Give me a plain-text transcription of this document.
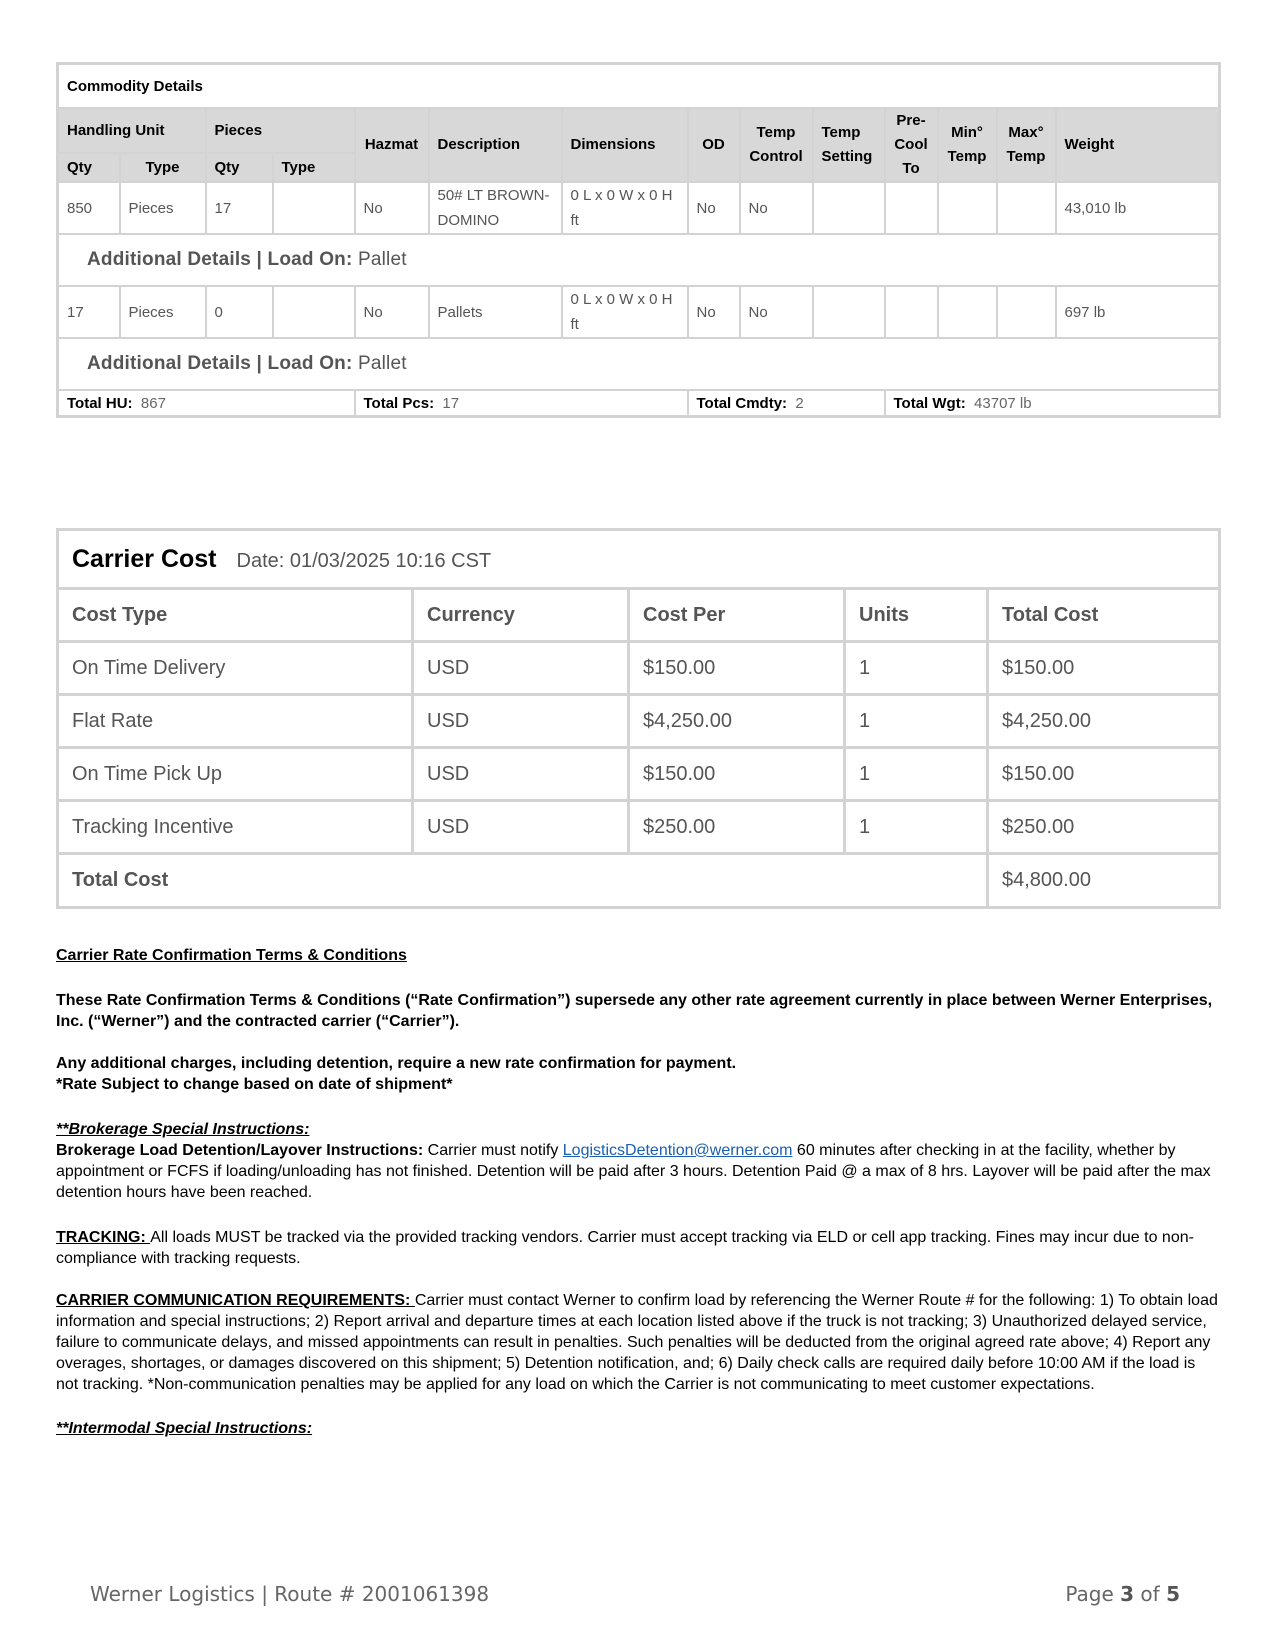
Commodity Details													
Handling Unit		Pieces		Hazmat	Description	Dimensions	OD	Temp Control	Temp Setting	Pre-Cool To	Min° Temp	Max° Temp	Weight
Qty	Type	Qty	Type										
850	Pieces	17		No	50# LT BROWN-DOMINO	0 L x 0 W x 0 H ft	No	No					43,010 lb
Additional Details | Load On: Pallet													
17	Pieces	0		No	Pallets	0 L x 0 W x 0 H ft	No	No					697 lb
Additional Details | Load On: Pallet													
Total HU: 867				Total Pcs: 17			Total Cmdty: 2			Total Wgt: 43707 lb			
Carrier Cost Date: 01/03/2025 10:16 CST				
Cost Type	Currency	Cost Per	Units	Total Cost
On Time Delivery	USD	$150.00	1	$150.00
Flat Rate	USD	$4,250.00	1	$4,250.00
On Time Pick Up	USD	$150.00	1	$150.00
Tracking Incentive	USD	$250.00	1	$250.00
Total Cost				$4,800.00

Carrier Rate Confirmation Terms & Conditions

These Rate Confirmation Terms & Conditions (“Rate Confirmation”) supersede any other rate agreement currently in place between Werner Enterprises, Inc. (“Werner”) and the contracted carrier (“Carrier”).

Any additional charges, including detention, require a new rate confirmation for payment.

*Rate Subject to change based on date of shipment*

**Brokerage Special Instructions:

Brokerage Load Detention/Layover Instructions: Carrier must notify LogisticsDetention@werner.com 60 minutes after checking in at the facility, whether by appointment or FCFS if loading/unloading has not finished. Detention will be paid after 3 hours. Detention Paid @ a max of 8 hrs. Layover will be paid after the max detention hours have been reached.

TRACKING: All loads MUST be tracked via the provided tracking vendors. Carrier must accept tracking via ELD or cell app tracking. Fines may incur due to non-compliance with tracking requests.

CARRIER COMMUNICATION REQUIREMENTS: Carrier must contact Werner to confirm load by referencing the Werner Route # for the following: 1) To obtain load information and special instructions; 2) Report arrival and departure times at each location listed above if the truck is not tracking; 3) Unauthorized delayed service, failure to communicate delays, and missed appointments can result in penalties. Such penalties will be deducted from the original agreed rate above; 4) Report any overages, shortages, or damages discovered on this shipment; 5) Detention notification, and; 6) Daily check calls are required daily before 10:00 AM if the load is not tracking. *Non-communication penalties may be applied for any load on which the Carrier is not communicating to meet customer expectations.

**Intermodal Special Instructions:

Werner Logistics | Route # 2001061398	Page 3 of 5
